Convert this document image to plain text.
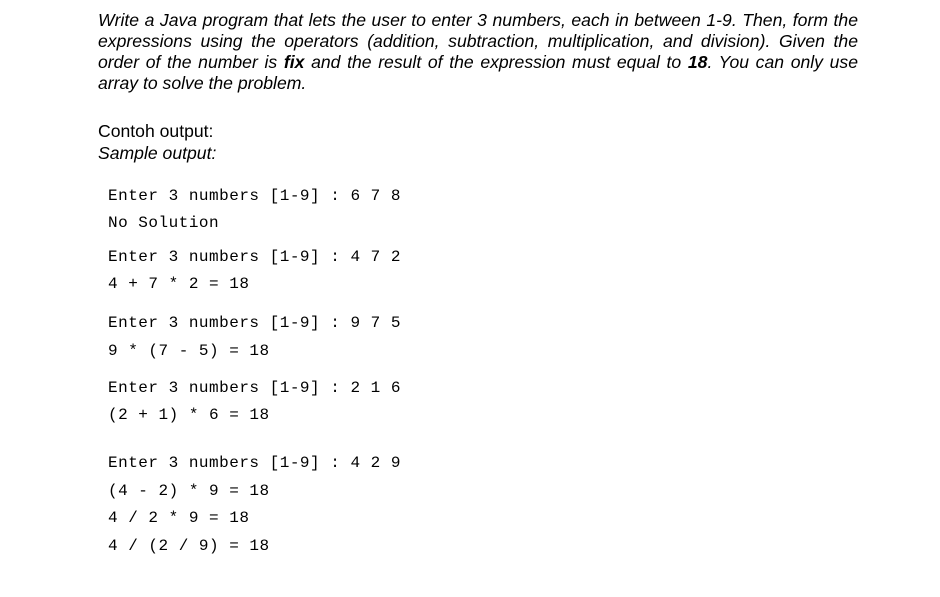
Write a Java program that lets the user to enter 3 numbers, each in between 1-9. Then, form the expressions using the operators (addition, subtraction, multiplication, and division). Given the order of the number is fix and the result of the expression must equal to 18. You can only use array to solve the problem.

Contoh output:
Sample output:
Enter 3 numbers [1-9] : 6 7 8
No Solution
Enter 3 numbers [1-9] : 4 7 2
4 + 7 * 2 = 18
Enter 3 numbers [1-9] : 9 7 5
9 * (7 - 5) = 18
Enter 3 numbers [1-9] : 2 1 6
(2 + 1) * 6 = 18
Enter 3 numbers [1-9] : 4 2 9
(4 - 2) * 9 = 18
4 / 2 * 9 = 18
4 / (2 / 9) = 18
